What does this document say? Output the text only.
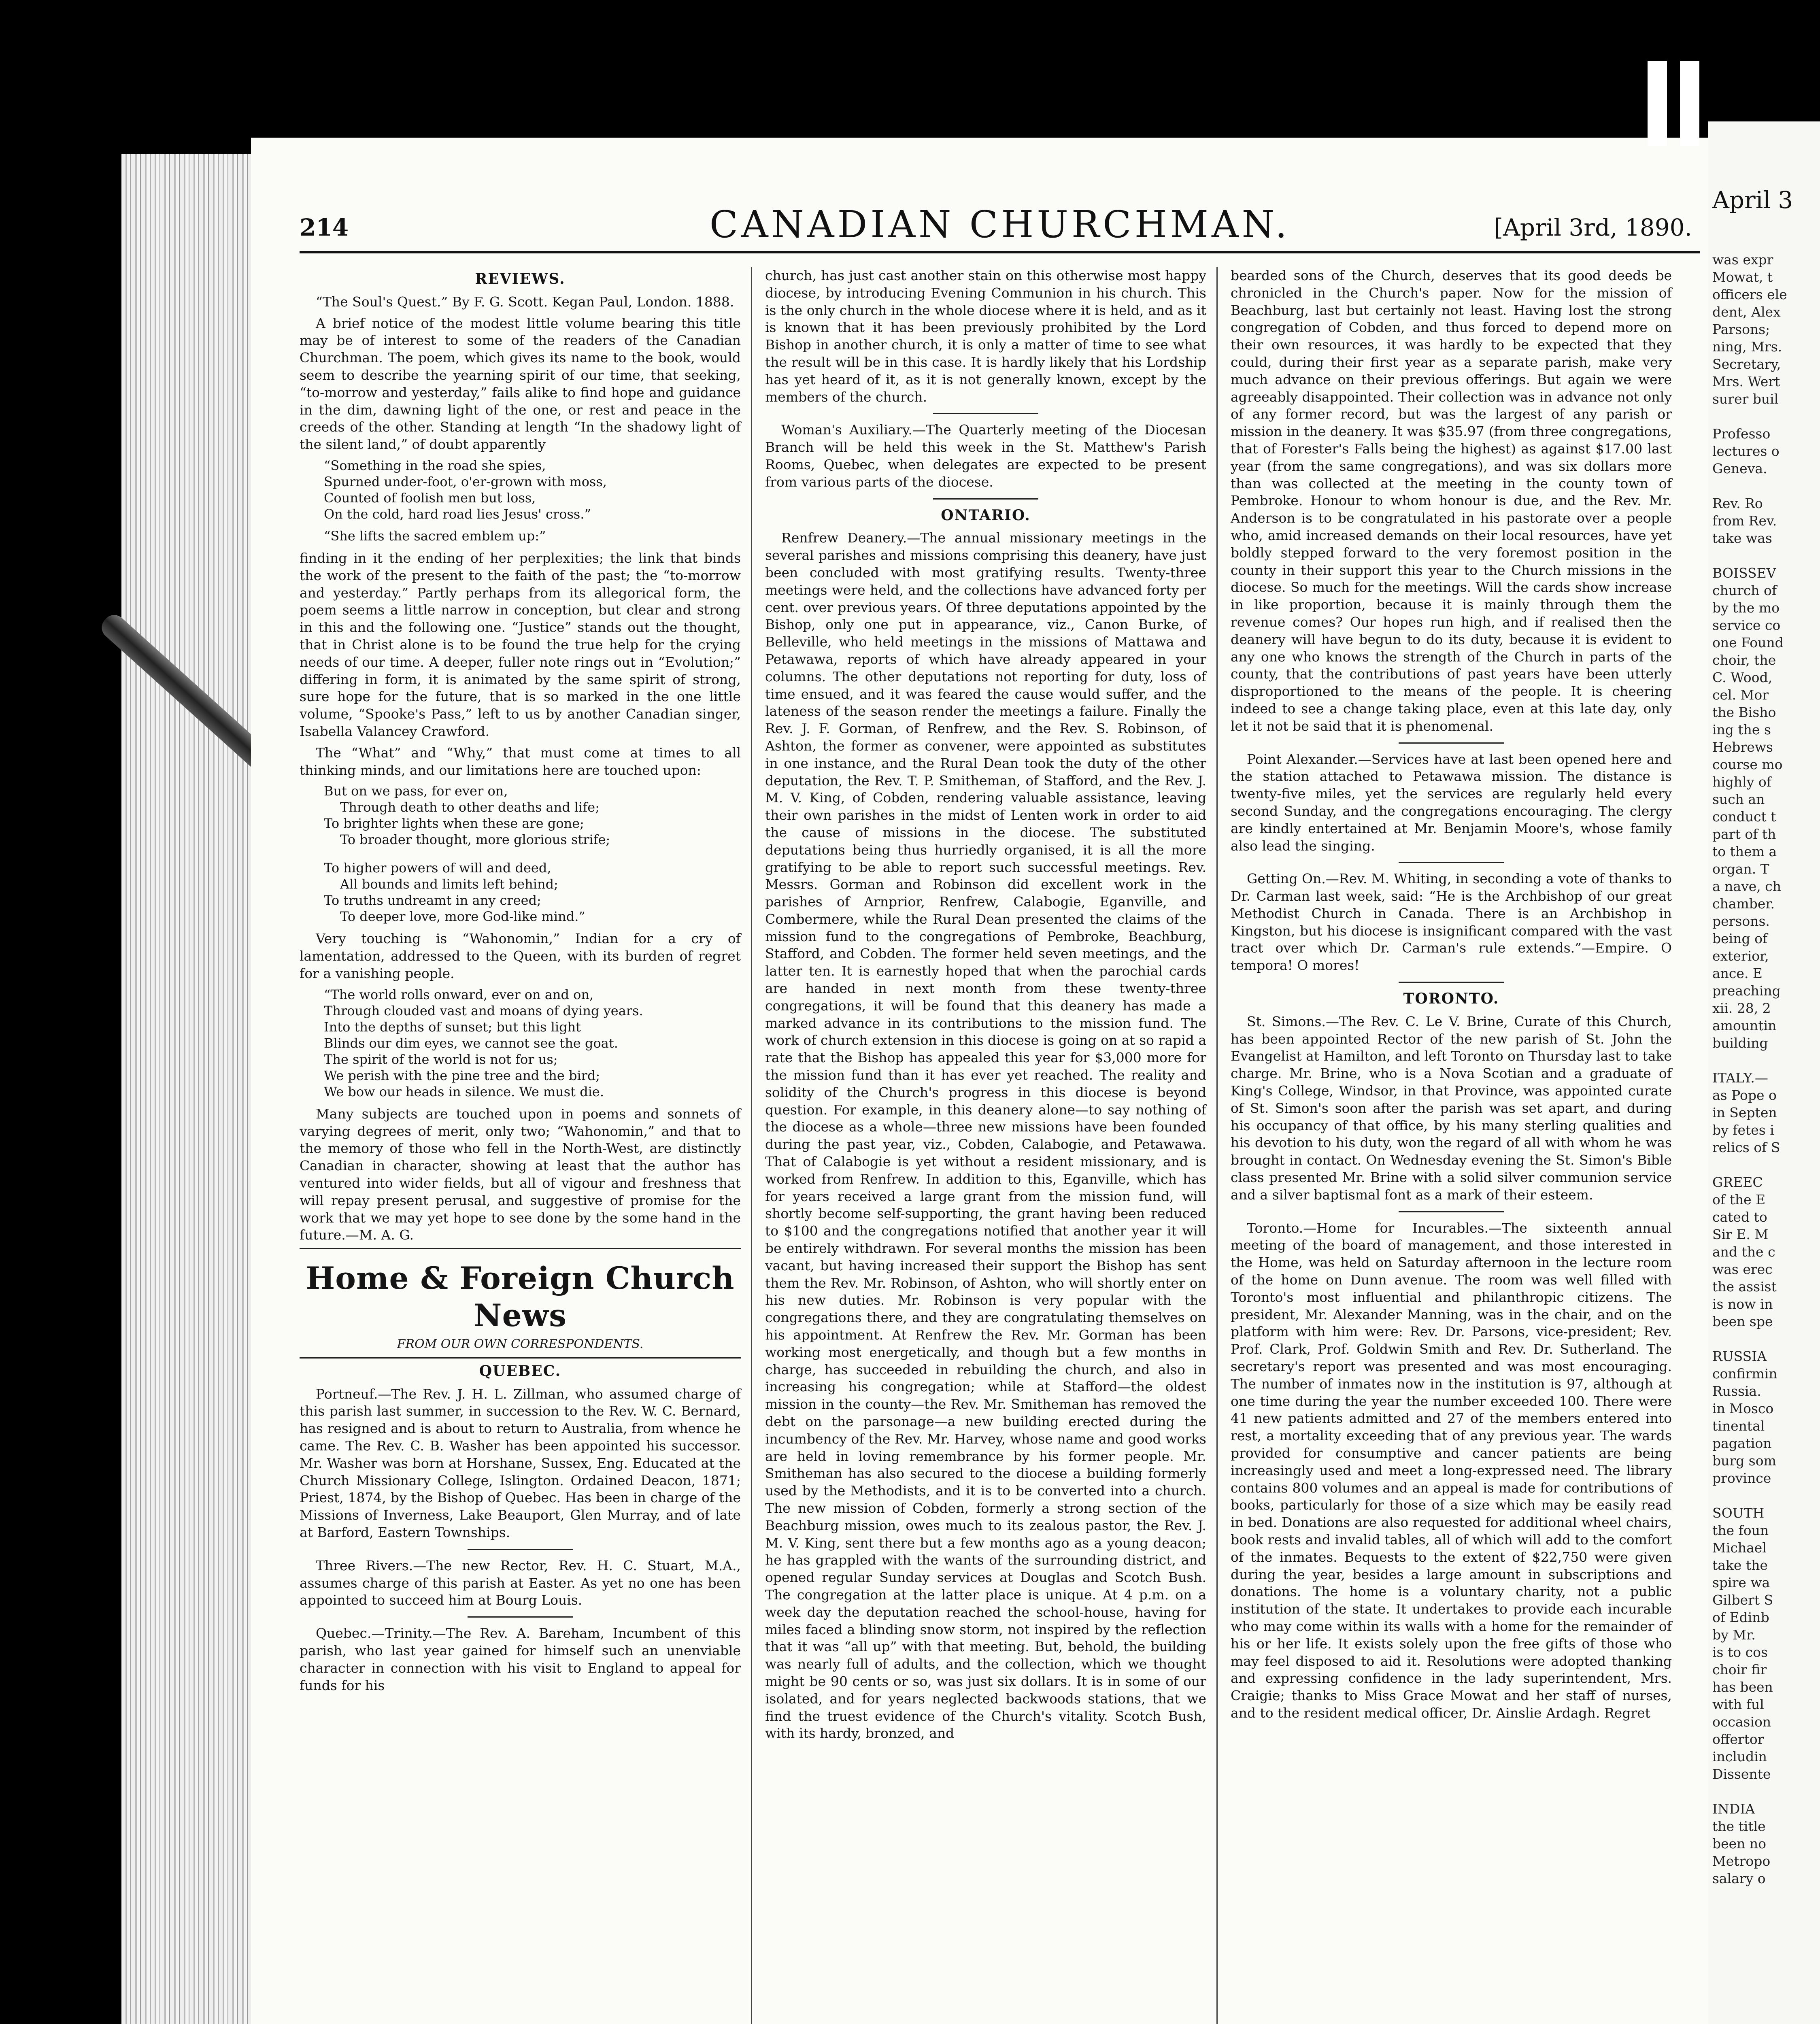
214	CANADIAN CHURCHMAN.	[April 3rd, 1890.
REVIEWS.

“The Soul's Quest.” By F. G. Scott. Kegan Paul, London. 1888.

A brief notice of the modest little volume bearing this title may be of interest to some of the readers of the Canadian Churchman. The poem, which gives its name to the book, would seem to describe the yearning spirit of our time, that seeking, “to-morrow and yesterday,” fails alike to find hope and guidance in the dim, dawning light of the one, or rest and peace in the creeds of the other. Standing at length “In the shadowy light of the silent land,” of doubt apparently

“Something in the road she spies,
Spurned under-foot, o'er-grown with moss,
Counted of foolish men but loss,
On the cold, hard road lies Jesus' cross.”
“She lifts the sacred emblem up:”

finding in it the ending of her perplexities; the link that binds the work of the present to the faith of the past; the “to-morrow and yesterday.” Partly perhaps from its allegorical form, the poem seems a little narrow in conception, but clear and strong in this and the following one. “Justice” stands out the thought, that in Christ alone is to be found the true help for the crying needs of our time. A deeper, fuller note rings out in “Evolution;” differing in form, it is animated by the same spirit of strong, sure hope for the future, that is so marked in the one little volume, “Spooke's Pass,” left to us by another Canadian singer, Isabella Valancey Crawford.

The “What” and “Why,” that must come at times to all thinking minds, and our limitations here are touched upon:

But on we pass, for ever on,
Through death to other deaths and life;
To brighter lights when these are gone;
To broader thought, more glorious strife;
To higher powers of will and deed,
All bounds and limits left behind;
To truths undreamt in any creed;
To deeper love, more God-like mind.”

Very touching is “Wahonomin,” Indian for a cry of lamentation, addressed to the Queen, with its burden of regret for a vanishing people.

“The world rolls onward, ever on and on,
Through clouded vast and moans of dying years.
Into the depths of sunset; but this light
Blinds our dim eyes, we cannot see the goat.
The spirit of the world is not for us;
We perish with the pine tree and the bird;
We bow our heads in silence. We must die.

Many subjects are touched upon in poems and sonnets of varying degrees of merit, only two; “Wahonomin,” and that to the memory of those who fell in the North-West, are distinctly Canadian in character, showing at least that the author has ventured into wider fields, but all of vigour and freshness that will repay present perusal, and suggestive of promise for the work that we may yet hope to see done by the some hand in the future.—M. A. G.

Home & Foreign Church News
FROM OUR OWN CORRESPONDENTS.
QUEBEC.

Portneuf.—The Rev. J. H. L. Zillman, who assumed charge of this parish last summer, in succession to the Rev. W. C. Bernard, has resigned and is about to return to Australia, from whence he came. The Rev. C. B. Washer has been appointed his successor. Mr. Washer was born at Horshane, Sussex, Eng. Educated at the Church Missionary College, Islington. Ordained Deacon, 1871; Priest, 1874, by the Bishop of Quebec. Has been in charge of the Missions of Inverness, Lake Beauport, Glen Murray, and of late at Barford, Eastern Townships.

Three Rivers.—The new Rector, Rev. H. C. Stuart, M.A., assumes charge of this parish at Easter. As yet no one has been appointed to succeed him at Bourg Louis.

Quebec.—Trinity.—The Rev. A. Bareham, Incumbent of this parish, who last year gained for himself such an unenviable character in connection with his visit to England to appeal for funds for his

church, has just cast another stain on this otherwise most happy diocese, by introducing Evening Communion in his church. This is the only church in the whole diocese where it is held, and as it is known that it has been previously prohibited by the Lord Bishop in another church, it is only a matter of time to see what the result will be in this case. It is hardly likely that his Lordship has yet heard of it, as it is not generally known, except by the members of the church.

Woman's Auxiliary.—The Quarterly meeting of the Diocesan Branch will be held this week in the St. Matthew's Parish Rooms, Quebec, when delegates are expected to be present from various parts of the diocese.

ONTARIO.

Renfrew Deanery.—The annual missionary meetings in the several parishes and missions comprising this deanery, have just been concluded with most gratifying results. Twenty-three meetings were held, and the collections have advanced forty per cent. over previous years. Of three deputations appointed by the Bishop, only one put in appearance, viz., Canon Burke, of Belleville, who held meetings in the missions of Mattawa and Petawawa, reports of which have already appeared in your columns. The other deputations not reporting for duty, loss of time ensued, and it was feared the cause would suffer, and the lateness of the season render the meetings a failure. Finally the Rev. J. F. Gorman, of Renfrew, and the Rev. S. Robinson, of Ashton, the former as convener, were appointed as substitutes in one instance, and the Rural Dean took the duty of the other deputation, the Rev. T. P. Smitheman, of Stafford, and the Rev. J. M. V. King, of Cobden, rendering valuable assistance, leaving their own parishes in the midst of Lenten work in order to aid the cause of missions in the diocese. The substituted deputations being thus hurriedly organised, it is all the more gratifying to be able to report such successful meetings. Rev. Messrs. Gorman and Robinson did excellent work in the parishes of Arnprior, Renfrew, Calabogie, Eganville, and Combermere, while the Rural Dean presented the claims of the mission fund to the congregations of Pembroke, Beachburg, Stafford, and Cobden. The former held seven meetings, and the latter ten. It is earnestly hoped that when the parochial cards are handed in next month from these twenty-three congregations, it will be found that this deanery has made a marked advance in its contributions to the mission fund. The work of church extension in this diocese is going on at so rapid a rate that the Bishop has appealed this year for $3,000 more for the mission fund than it has ever yet reached. The reality and solidity of the Church's progress in this diocese is beyond question. For example, in this deanery alone—to say nothing of the diocese as a whole—three new missions have been founded during the past year, viz., Cobden, Calabogie, and Petawawa. That of Calabogie is yet without a resident missionary, and is worked from Renfrew. In addition to this, Eganville, which has for years received a large grant from the mission fund, will shortly become self-supporting, the grant having been reduced to $100 and the congregations notified that another year it will be entirely withdrawn. For several months the mission has been vacant, but having increased their support the Bishop has sent them the Rev. Mr. Robinson, of Ashton, who will shortly enter on his new duties. Mr. Robinson is very popular with the congregations there, and they are congratulating themselves on his appointment. At Renfrew the Rev. Mr. Gorman has been working most energetically, and though but a few months in charge, has succeeded in rebuilding the church, and also in increasing his congregation; while at Stafford—the oldest mission in the county—the Rev. Mr. Smitheman has removed the debt on the parsonage—a new building erected during the incumbency of the Rev. Mr. Harvey, whose name and good works are held in loving remembrance by his former people. Mr. Smitheman has also secured to the diocese a building formerly used by the Methodists, and it is to be converted into a church. The new mission of Cobden, formerly a strong section of the Beachburg mission, owes much to its zealous pastor, the Rev. J. M. V. King, sent there but a few months ago as a young deacon; he has grappled with the wants of the surrounding district, and opened regular Sunday services at Douglas and Scotch Bush. The congregation at the latter place is unique. At 4 p.m. on a week day the deputation reached the school-house, having for miles faced a blinding snow storm, not inspired by the reflection that it was “all up” with that meeting. But, behold, the building was nearly full of adults, and the collection, which we thought might be 90 cents or so, was just six dollars. It is in some of our isolated, and for years neglected backwoods stations, that we find the truest evidence of the Church's vitality. Scotch Bush, with its hardy, bronzed, and

bearded sons of the Church, deserves that its good deeds be chronicled in the Church's paper. Now for the mission of Beachburg, last but certainly not least. Having lost the strong congregation of Cobden, and thus forced to depend more on their own resources, it was hardly to be expected that they could, during their first year as a separate parish, make very much advance on their previous offerings. But again we were agreeably disappointed. Their collection was in advance not only of any former record, but was the largest of any parish or mission in the deanery. It was $35.97 (from three congregations, that of Forester's Falls being the highest) as against $17.00 last year (from the same congregations), and was six dollars more than was collected at the meeting in the county town of Pembroke. Honour to whom honour is due, and the Rev. Mr. Anderson is to be congratulated in his pastorate over a people who, amid increased demands on their local resources, have yet boldly stepped forward to the very foremost position in the county in their support this year to the Church missions in the diocese. So much for the meetings. Will the cards show increase in like proportion, because it is mainly through them the revenue comes? Our hopes run high, and if realised then the deanery will have begun to do its duty, because it is evident to any one who knows the strength of the Church in parts of the county, that the contributions of past years have been utterly disproportioned to the means of the people. It is cheering indeed to see a change taking place, even at this late day, only let it not be said that it is phenomenal.

Point Alexander.—Services have at last been opened here and the station attached to Petawawa mission. The distance is twenty-five miles, yet the services are regularly held every second Sunday, and the congregations encouraging. The clergy are kindly entertained at Mr. Benjamin Moore's, whose family also lead the singing.

Getting On.—Rev. M. Whiting, in seconding a vote of thanks to Dr. Carman last week, said: “He is the Archbishop of our great Methodist Church in Canada. There is an Archbishop in Kingston, but his diocese is insignificant compared with the vast tract over which Dr. Carman's rule extends.”—Empire. O tempora! O mores!

TORONTO.

St. Simons.—The Rev. C. Le V. Brine, Curate of this Church, has been appointed Rector of the new parish of St. John the Evangelist at Hamilton, and left Toronto on Thursday last to take charge. Mr. Brine, who is a Nova Scotian and a graduate of King's College, Windsor, in that Province, was appointed curate of St. Simon's soon after the parish was set apart, and during his occupancy of that office, by his many sterling qualities and his devotion to his duty, won the regard of all with whom he was brought in contact. On Wednesday evening the St. Simon's Bible class presented Mr. Brine with a solid silver communion service and a silver baptismal font as a mark of their esteem.

Toronto.—Home for Incurables.—The sixteenth annual meeting of the board of management, and those interested in the Home, was held on Saturday afternoon in the lecture room of the home on Dunn avenue. The room was well filled with Toronto's most influential and philanthropic citizens. The president, Mr. Alexander Manning, was in the chair, and on the platform with him were: Rev. Dr. Parsons, vice-president; Rev. Prof. Clark, Prof. Goldwin Smith and Rev. Dr. Sutherland. The secretary's report was presented and was most encouraging. The number of inmates now in the institution is 97, although at one time during the year the number exceeded 100. There were 41 new patients admitted and 27 of the members entered into rest, a mortality exceeding that of any previous year. The wards provided for consumptive and cancer patients are being increasingly used and meet a long-expressed need. The library contains 800 volumes and an appeal is made for contributions of books, particularly for those of a size which may be easily read in bed. Donations are also requested for additional wheel chairs, book rests and invalid tables, all of which will add to the comfort of the inmates. Bequests to the extent of $22,750 were given during the year, besides a large amount in subscriptions and donations. The home is a voluntary charity, not a public institution of the state. It undertakes to provide each incurable who may come within its walls with a home for the remainder of his or her life. It exists solely upon the free gifts of those who may feel disposed to aid it. Resolutions were adopted thanking and expressing confidence in the lady superintendent, Mrs. Craigie; thanks to Miss Grace Mowat and her staff of nurses, and to the resident medical officer, Dr. Ainslie Ardagh. Regret

April 3
was expr
Mowat, t
officers ele
dent, Alex
Parsons;
ning, Mrs.
Secretary,
Mrs. Wert
surer buil

Professo
lectures o
Geneva.

Rev. Ro
from Rev.
take was

BOISSEV
church of
by the mo
service co
one Found
choir, the
C. Wood,
cel. Mor
the Bisho
ing the s
Hebrews
course mo
highly of
such an
conduct t
part of th
to them a
organ. T
a nave, ch
chamber.
persons.
being of
exterior,
ance. E
preaching
xii. 28, 2
amountin
building

ITALY.—
as Pope o
in Septen
by fetes i
relics of S

GREEC
of the E
cated to
Sir E. M
and the c
was erec
the assist
is now in
been spe

RUSSIA
confirmin
Russia.
in Mosco
tinental
pagation
burg som
province

SOUTH
the foun
Michael
take the
spire wa
Gilbert S
of Edinb
by Mr.
is to cos
choir fir
has been
with ful
occasion
offertor
includin
Dissente

INDIA
the title
been no
Metropo
salary o
